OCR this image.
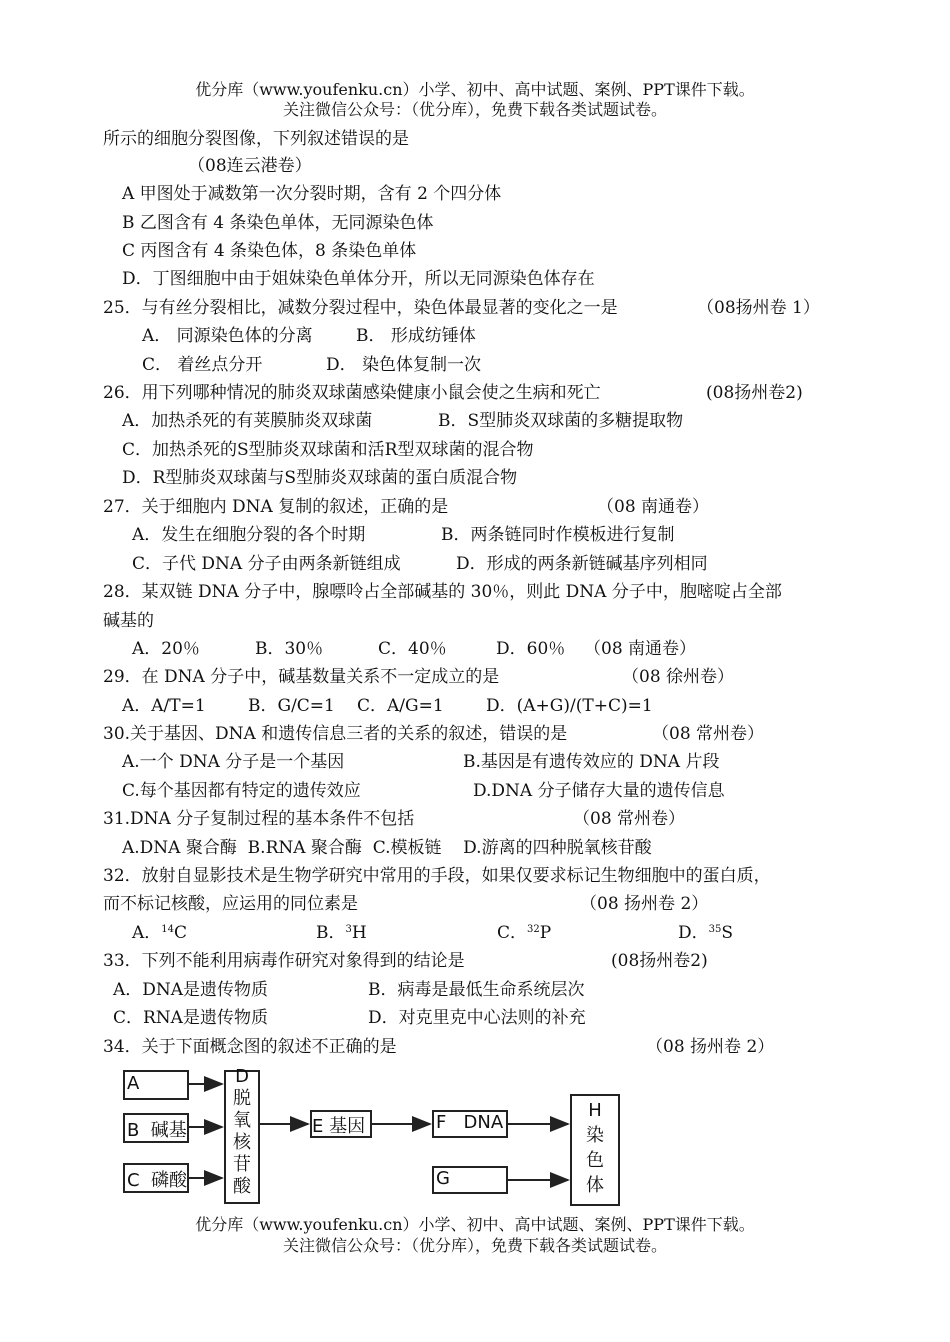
优分库（www.youfenku.cn）小学、初中、高中试题、案例、PPT课件下载。
关注微信公众号：（优分库），免费下载各类试题试卷。
所示的细胞分裂图像，下列叙述错误的是
（08连云港卷）
A 甲图处于减数第一次分裂时期，含有 2 个四分体
B 乙图含有 4 条染色单体，无同源染色体
C 丙图含有 4 条染色体，8 条染色单体
D．丁图细胞中由于姐妹染色单体分开，所以无同源染色体存在
25．与有丝分裂相比，减数分裂过程中，染色体最显著的变化之一是	（08扬州卷 1）
A． 同源染色体的分离	B． 形成纺锤体
C． 着丝点分开	D． 染色体复制一次
26．用下列哪种情况的肺炎双球菌感染健康小鼠会使之生病和死亡	(08扬州卷2)
A．加热杀死的有荚膜肺炎双球菌	B．S型肺炎双球菌的多糖提取物
C．加热杀死的S型肺炎双球菌和活R型双球菌的混合物
D．R型肺炎双球菌与S型肺炎双球菌的蛋白质混合物
27．关于细胞内 DNA 复制的叙述，正确的是	（08 南通卷）
A．发生在细胞分裂的各个时期	B．两条链同时作模板进行复制
C．子代 DNA 分子由两条新链组成	D．形成的两条新链碱基序列相同
28．某双链 DNA 分子中，腺嘌呤占全部碱基的 30％，则此 DNA 分子中，胞嘧啶占全部
碱基的
A．20％	B．30％	C．40％	D．60％ （08 南通卷）
29．在 DNA 分子中，碱基数量关系不一定成立的是	（08 徐州卷）
A．A/T=1 B．G/C=1 C．A/G=1 D．(A+G)/(T+C)=1
30.关于基因、DNA 和遗传信息三者的关系的叙述，错误的是	（08 常州卷）
A.一个 DNA 分子是一个基因	B.基因是有遗传效应的 DNA 片段
C.每个基因都有特定的遗传效应	D.DNA 分子储存大量的遗传信息
31.DNA 分子复制过程的基本条件不包括	（08 常州卷）
A.DNA 聚合酶  B.RNA 聚合酶  C.模板链    D.游离的四种脱氧核苷酸
32．放射自显影技术是生物学研究中常用的手段，如果仅要求标记生物细胞中的蛋白质，
而不标记核酸，应运用的同位素是	（08 扬州卷 2）
A．$^{14}$C	B．$^3$H	C．$^{32}$P	D．$^{35}$S
33．下列不能利用病毒作研究对象得到的结论是	(08扬州卷2)
A．DNA是遗传物质	B．病毒是最低生命系统层次
C．RNA是遗传物质	D．对克里克中心法则的补充
34．关于下面概念图的叙述不正确的是	（08 扬州卷 2）
A
B  碱基
C  磷酸
D
脱
氧
核
苷
酸
E 基因	F   DNA
G
H
染
色
体
优分库（www.youfenku.cn）小学、初中、高中试题、案例、PPT课件下载。
关注微信公众号：（优分库），免费下载各类试题试卷。
